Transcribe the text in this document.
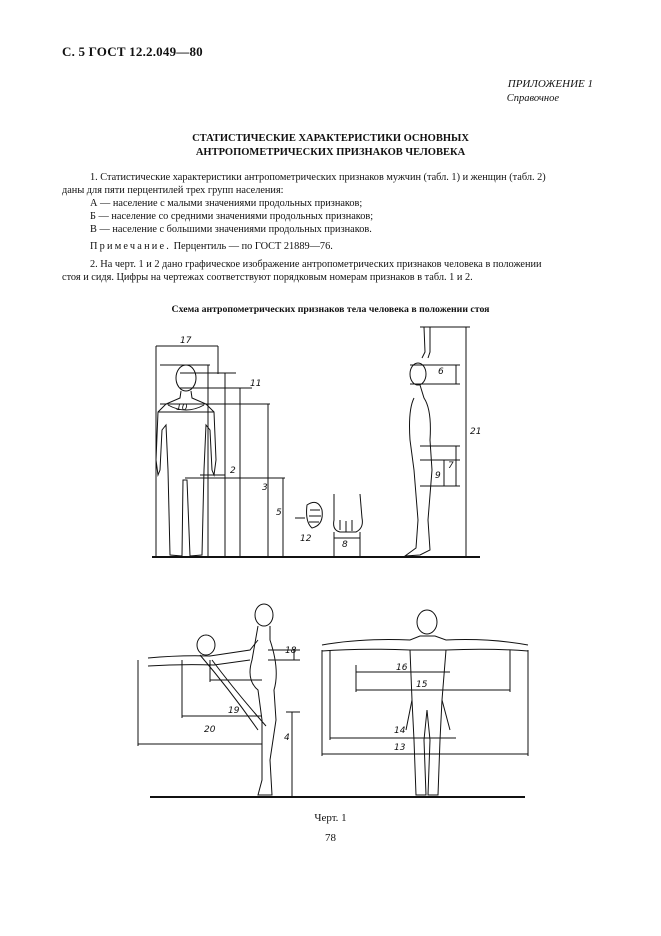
С. 5 ГОСТ 12.2.049—80
ПРИЛОЖЕНИЕ 1
Справочное
СТАТИСТИЧЕСКИЕ ХАРАКТЕРИСТИКИ ОСНОВНЫХ
АНТРОПОМЕТРИЧЕСКИХ ПРИЗНАКОВ ЧЕЛОВЕКА
1. Статистические характеристики антропометрических признаков мужчин (табл. 1) и женщин (табл. 2)
даны для пяти перцентилей трех групп населения:
А — население с малыми значениями продольных признаков;
Б — население со средними значениями продольных признаков;
В — население с большими значениями продольных признаков.
Примечание. Перцентиль — по ГОСТ 21889—76.
2. На черт. 1 и 2 дано графическое изображение антропометрических признаков человека в положении
стоя и сидя. Цифры на чертежах соответствуют порядковым номерам признаков в табл. 1 и 2.
Схема антропометрических признаков тела человека в положении стоя
17
11
10
2
3
5
12
8
6
21
9
7
18
19
20
4
16
15
14
13
Черт. 1
78
